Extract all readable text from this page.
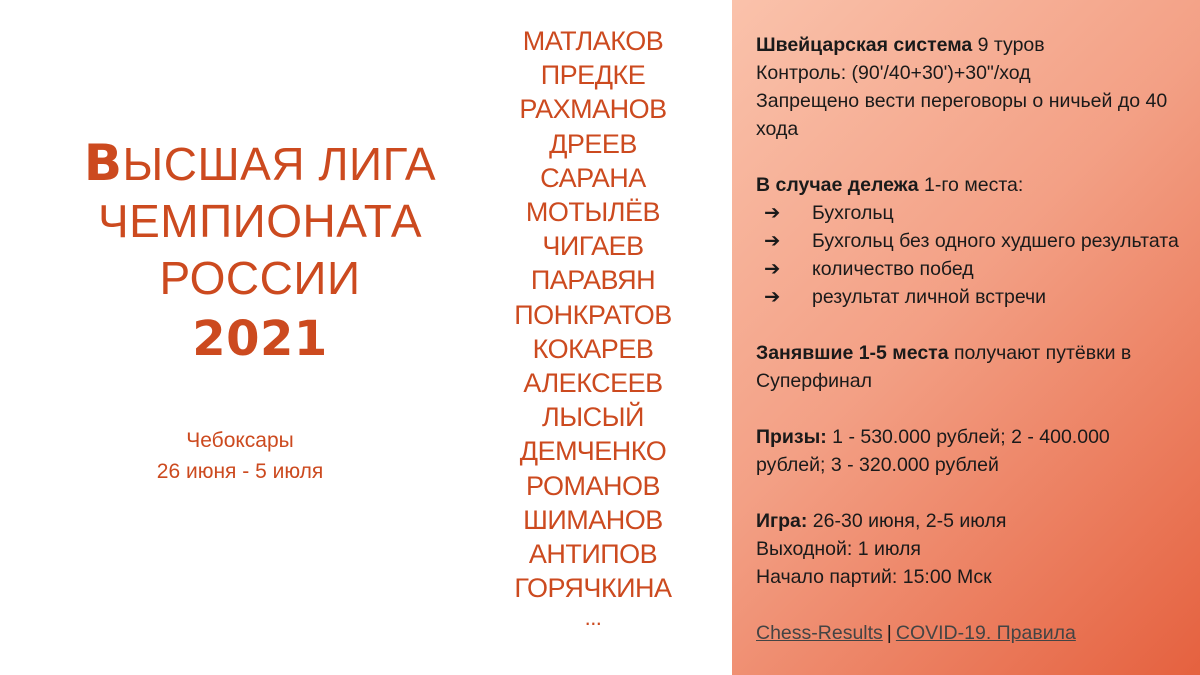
ВЫСШАЯ ЛИГА
ЧЕМПИОНАТА
РОССИИ
2021
Чебоксары
26 июня - 5 июля
МАТЛАКОВ
ПРЕДКЕ
РАХМАНОВ
ДРЕЕВ
САРАНА
МОТЫЛЁВ
ЧИГАЕВ
ПАРАВЯН
ПОНКРАТОВ
КОКАРЕВ
АЛЕКСЕЕВ
ЛЫСЫЙ
ДЕМЧЕНКО
РОМАНОВ
ШИМАНОВ
АНТИПОВ
ГОРЯЧКИНА
...

Швейцарская система 9 туров

Контроль: (90'/40+30')+30"/ход

Запрещено вести переговоры о ничьей до 40 хода

В случае дележа 1-го места:

➔	Бухгольц
➔	Бухгольц без одного худшего результата
➔	количество побед
➔	результат личной встречи

Занявшие 1-5 места получают путёвки в Суперфинал

Призы: 1 - 530.000 рублей; 2 - 400.000 рублей; 3 - 320.000 рублей

Игра: 26-30 июня, 2-5 июля

Выходной: 1 июля

Начало партий: 15:00 Мск

Chess-Results | COVID-19. Правила
